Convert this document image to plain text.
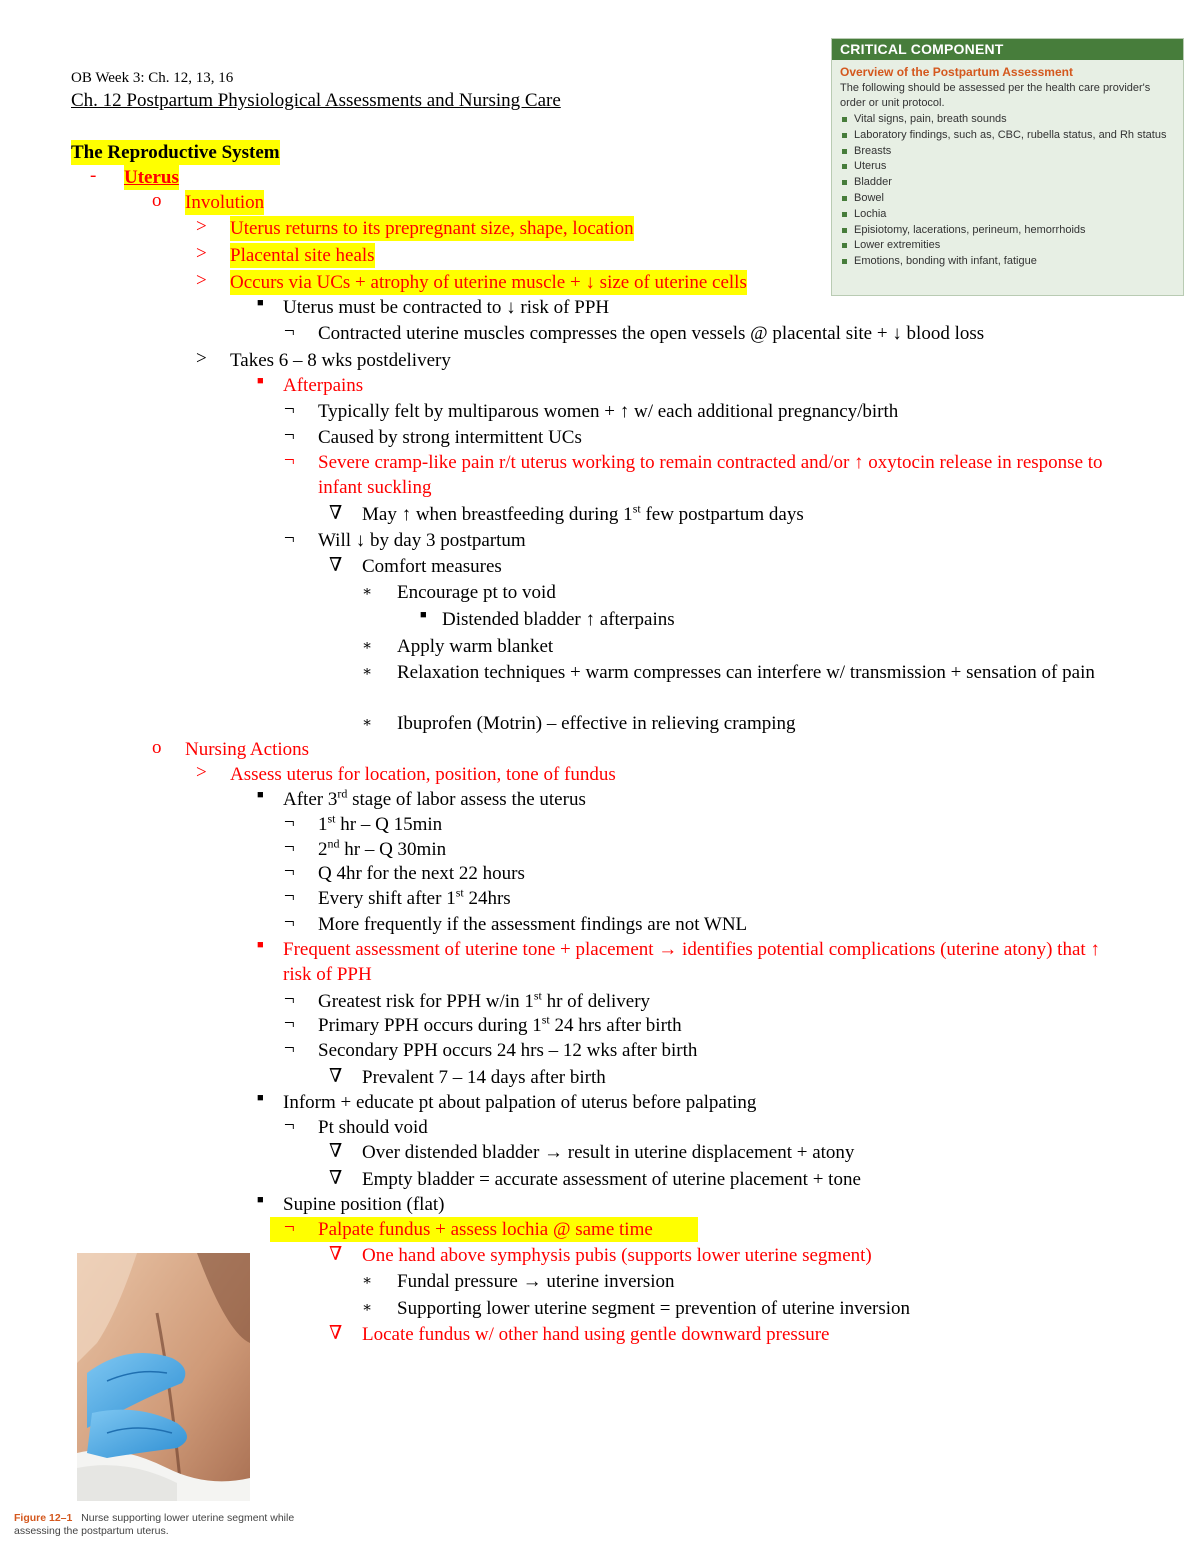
OB Week 3: Ch. 12, 13, 16
Ch. 12 Postpartum Physiological Assessments and Nursing Care
The Reproductive System
- Uterus
o Involution
> Uterus returns to its prepregnant size, shape, location
> Placental site heals
> Occurs via UCs + atrophy of uterine muscle + ↓ size of uterine cells
■ Uterus must be contracted to ↓ risk of PPH
¬ Contracted uterine muscles compresses the open vessels @ placental site + ↓ blood loss
> Takes 6 – 8 wks postdelivery
■ Afterpains
¬ Typically felt by multiparous women + ↑ w/ each additional pregnancy/birth
¬ Caused by strong intermittent UCs
¬ Severe cramp-like pain r/t uterus working to remain contracted and/or ↑ oxytocin release in response to infant suckling
∇ May ↑ when breastfeeding during 1st few postpartum days
¬ Will ↓ by day 3 postpartum
∇ Comfort measures
∗ Encourage pt to void
■ Distended bladder ↑ afterpains
∗ Apply warm blanket
∗ Relaxation techniques + warm compresses can interfere w/ transmission + sensation of pain
∗ Ibuprofen (Motrin) – effective in relieving cramping
o Nursing Actions
> Assess uterus for location, position, tone of fundus
■ After 3rd stage of labor assess the uterus
¬ 1st hr – Q 15min
¬ 2nd hr – Q 30min
¬ Q 4hr for the next 22 hours
¬ Every shift after 1st 24hrs
¬ More frequently if the assessment findings are not WNL
■ Frequent assessment of uterine tone + placement → identifies potential complications (uterine atony) that ↑ risk of PPH
¬ Greatest risk for PPH w/in 1st hr of delivery
¬ Primary PPH occurs during 1st 24 hrs after birth
¬ Secondary PPH occurs 24 hrs – 12 wks after birth
∇ Prevalent 7 – 14 days after birth
■ Inform + educate pt about palpation of uterus before palpating
¬ Pt should void
∇ Over distended bladder → result in uterine displacement + atony
∇ Empty bladder = accurate assessment of uterine placement + tone
■ Supine position (flat)
¬ Palpate fundus + assess lochia @ same time
∇ One hand above symphysis pubis (supports lower uterine segment)
∗ Fundal pressure → uterine inversion
∗ Supporting lower uterine segment = prevention of uterine inversion
∇ Locate fundus w/ other hand using gentle downward pressure
CRITICAL COMPONENT
Overview of the Postpartum Assessment
The following should be assessed per the health care provider's order or unit protocol.
Vital signs, pain, breath sounds
Laboratory findings, such as, CBC, rubella status, and Rh status
Breasts
Uterus
Bladder
Bowel
Lochia
Episiotomy, lacerations, perineum, hemorrhoids
Lower extremities
Emotions, bonding with infant, fatigue
Figure 12–1 Nurse supporting lower uterine segment while assessing the postpartum uterus.
